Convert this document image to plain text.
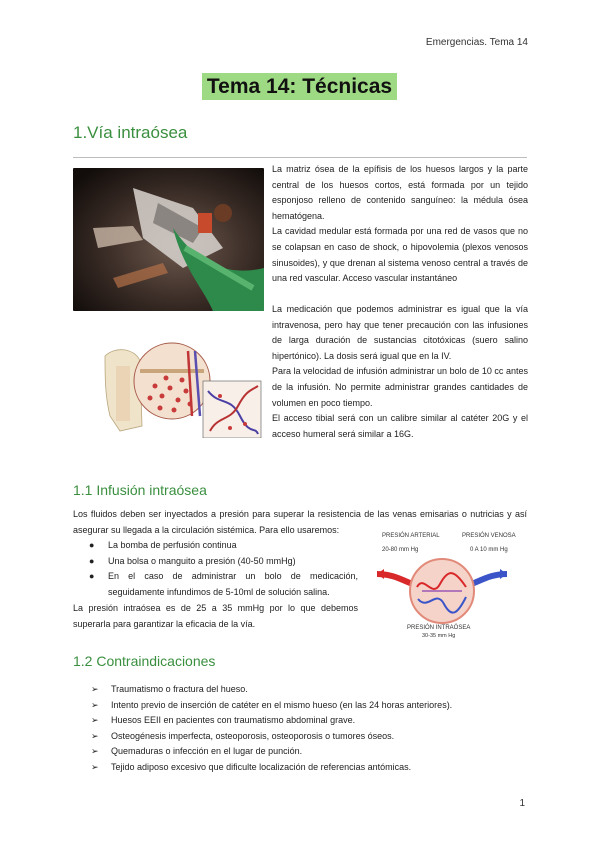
Emergencias. Tema 14
Tema 14: Técnicas
1.Vía intraósea

La matriz ósea de la epífisis de los huesos largos y la parte central de los huesos cortos, está formada por un tejido esponjoso relleno de contenido sanguíneo: la médula ósea hematógena.

La cavidad medular está formada por una red de vasos que no se colapsan en caso de shock, o hipovolemia (plexos venosos sinusoides), y que drenan al sistema venoso central a través de una red vascular. Acceso vascular instantáneo

La medicación que podemos administrar es igual que la vía intravenosa, pero hay que tener precaución con las infusiones de larga duración de sustancias citotóxicas (suero salino hipertónico). La dosis será igual que en la IV.

Para la velocidad de infusión administrar un bolo de 10 cc antes de la infusión. No permite administrar grandes cantidades de volumen en poco tiempo.

El acceso tibial será con un calibre similar al catéter 20G y el acceso humeral será similar a 16G.

1.1 Infusión intraósea

Los fluidos deben ser inyectados a presión para superar la resistencia de las venas emisarias o nutricias y así asegurar su llegada a la circulación sistémica. Para ello usaremos:

● La bomba de perfusión continua
● Una bolsa o manguito a presión (40-50 mmHg)
● En el caso de administrar un bolo de medicación, seguidamente infundimos de 5-10ml de solución salina.

La presión intraósea es de 25 a 35 mmHg por lo que debemos superarla para garantizar la eficacia de la vía.

PRESIÓN ARTERIAL
20-80 mm Hg
PRESIÓN VENOSA
0 A 10 mm Hg
PRESIÓN INTRAÓSEA
30-35 mm Hg
1.2 Contraindicaciones
➢ Traumatismo o fractura del hueso.
➢ Intento previo de inserción de catéter en el mismo hueso (en las 24 horas anteriores).
➢ Huesos EEII en pacientes con traumatismo abdominal grave.
➢ Osteogénesis imperfecta, osteoporosis, osteoporosis o tumores óseos.
➢ Quemaduras o infección en el lugar de punción.
➢ Tejido adiposo excesivo que dificulte localización de referencias antómicas.
1
